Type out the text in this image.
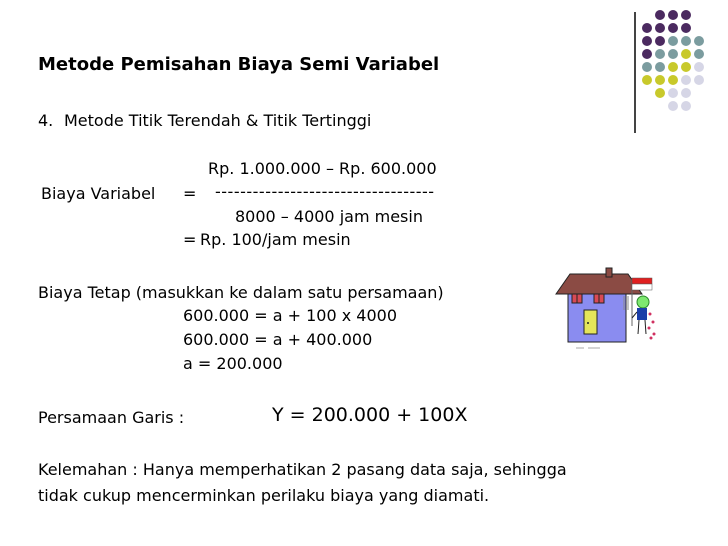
Metode Pemisahan Biaya Semi Variabel
4. Metode Titik Terendah & Titik Tertinggi
Rp. 1.000.000 – Rp. 600.000
Biaya Variabel = -----------------------------------
8000 – 4000 jam mesin
= Rp. 100/jam mesin
Biaya Tetap (masukkan ke dalam satu persamaan)
600.000 = a + 100 x 4000
600.000 = a + 400.000
a = 200.000
Persamaan Garis :	Y = 200.000 + 100X
Kelemahan : Hanya memperhatikan 2 pasang data saja, sehingga
tidak cukup mencerminkan perilaku biaya yang diamati.
